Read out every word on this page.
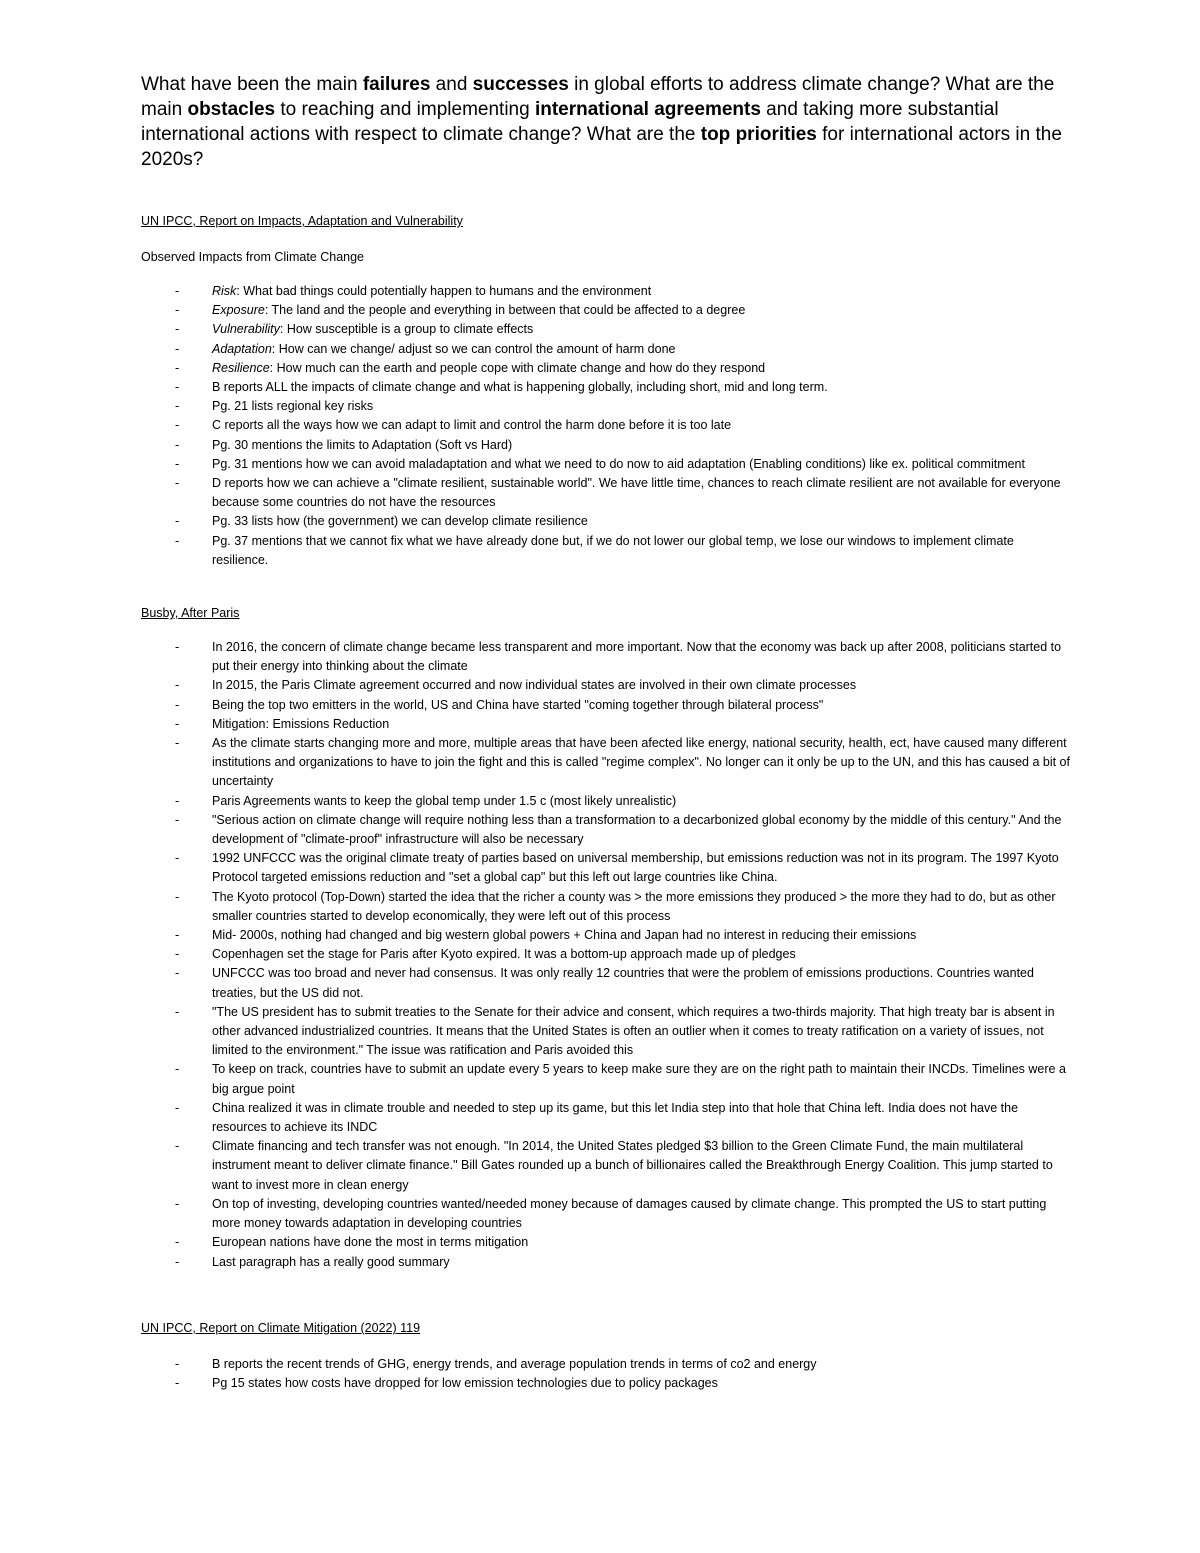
What have been the main failures and successes in global efforts to address climate change? What are the main obstacles to reaching and implementing international agreements and taking more substantial international actions with respect to climate change? What are the top priorities for international actors in the 2020s?

UN IPCC, Report on Impacts, Adaptation and Vulnerability

Observed Impacts from Climate Change

-	Risk: What bad things could potentially happen to humans and the environment
-	Exposure: The land and the people and everything in between that could be affected to a degree
-	Vulnerability: How susceptible is a group to climate effects
-	Adaptation: How can we change/ adjust so we can control the amount of harm done
-	Resilience: How much can the earth and people cope with climate change and how do they respond
-	B reports ALL the impacts of climate change and what is happening globally, including short, mid and long term.
-	Pg. 21 lists regional key risks
-	C reports all the ways how we can adapt to limit and control the harm done before it is too late
-	Pg. 30 mentions the limits to Adaptation (Soft vs Hard)
-	Pg. 31 mentions how we can avoid maladaptation and what we need to do now to aid adaptation (Enabling conditions) like ex. political commitment
-	D reports how we can achieve a "climate resilient, sustainable world". We have little time, chances to reach climate resilient are not available for everyone because some countries do not have the resources
-	Pg. 33 lists how (the government) we can develop climate resilience
-	Pg. 37 mentions that we cannot fix what we have already done but, if we do not lower our global temp, we lose our windows to implement climate resilience.

Busby, After Paris

-	In 2016, the concern of climate change became less transparent and more important. Now that the economy was back up after 2008, politicians started to put their energy into thinking about the climate
-	In 2015, the Paris Climate agreement occurred and now individual states are involved in their own climate processes
-	Being the top two emitters in the world, US and China have started "coming together through bilateral process"
-	Mitigation: Emissions Reduction
-	As the climate starts changing more and more, multiple areas that have been afected like energy, national security, health, ect, have caused many different institutions and organizations to have to join the fight and this is called "regime complex". No longer can it only be up to the UN, and this has caused a bit of uncertainty
-	Paris Agreements wants to keep the global temp under 1.5 c (most likely unrealistic)
-	"Serious action on climate change will require nothing less than a transformation to a decarbonized global economy by the middle of this century." And the development of "climate-proof" infrastructure will also be necessary
-	1992 UNFCCC was the original climate treaty of parties based on universal membership, but emissions reduction was not in its program. The 1997 Kyoto Protocol targeted emissions reduction and "set a global cap" but this left out large countries like China.
-	The Kyoto protocol (Top-Down) started the idea that the richer a county was > the more emissions they produced > the more they had to do, but as other smaller countries started to develop economically, they were left out of this process
-	Mid- 2000s, nothing had changed and big western global powers + China and Japan had no interest in reducing their emissions
-	Copenhagen set the stage for Paris after Kyoto expired. It was a bottom-up approach made up of pledges
-	UNFCCC was too broad and never had consensus. It was only really 12 countries that were the problem of emissions productions. Countries wanted treaties, but the US did not.
-	"The US president has to submit treaties to the Senate for their advice and consent, which requires a two-thirds majority. That high treaty bar is absent in other advanced industrialized countries. It means that the United States is often an outlier when it comes to treaty ratification on a variety of issues, not limited to the environment." The issue was ratification and Paris avoided this
-	To keep on track, countries have to submit an update every 5 years to keep make sure they are on the right path to maintain their INCDs. Timelines were a big argue point
-	China realized it was in climate trouble and needed to step up its game, but this let India step into that hole that China left. India does not have the resources to achieve its INDC
-	Climate financing and tech transfer was not enough. "In 2014, the United States pledged $3 billion to the Green Climate Fund, the main multilateral instrument meant to deliver climate finance." Bill Gates rounded up a bunch of billionaires called the Breakthrough Energy Coalition. This jump started to want to invest more in clean energy
-	On top of investing, developing countries wanted/needed money because of damages caused by climate change. This prompted the US to start putting more money towards adaptation in developing countries
-	European nations have done the most in terms mitigation
-	Last paragraph has a really good summary

UN IPCC, Report on Climate Mitigation (2022) 119

-	B reports the recent trends of GHG, energy trends, and average population trends in terms of co2 and energy
-	Pg 15 states how costs have dropped for low emission technologies due to policy packages
